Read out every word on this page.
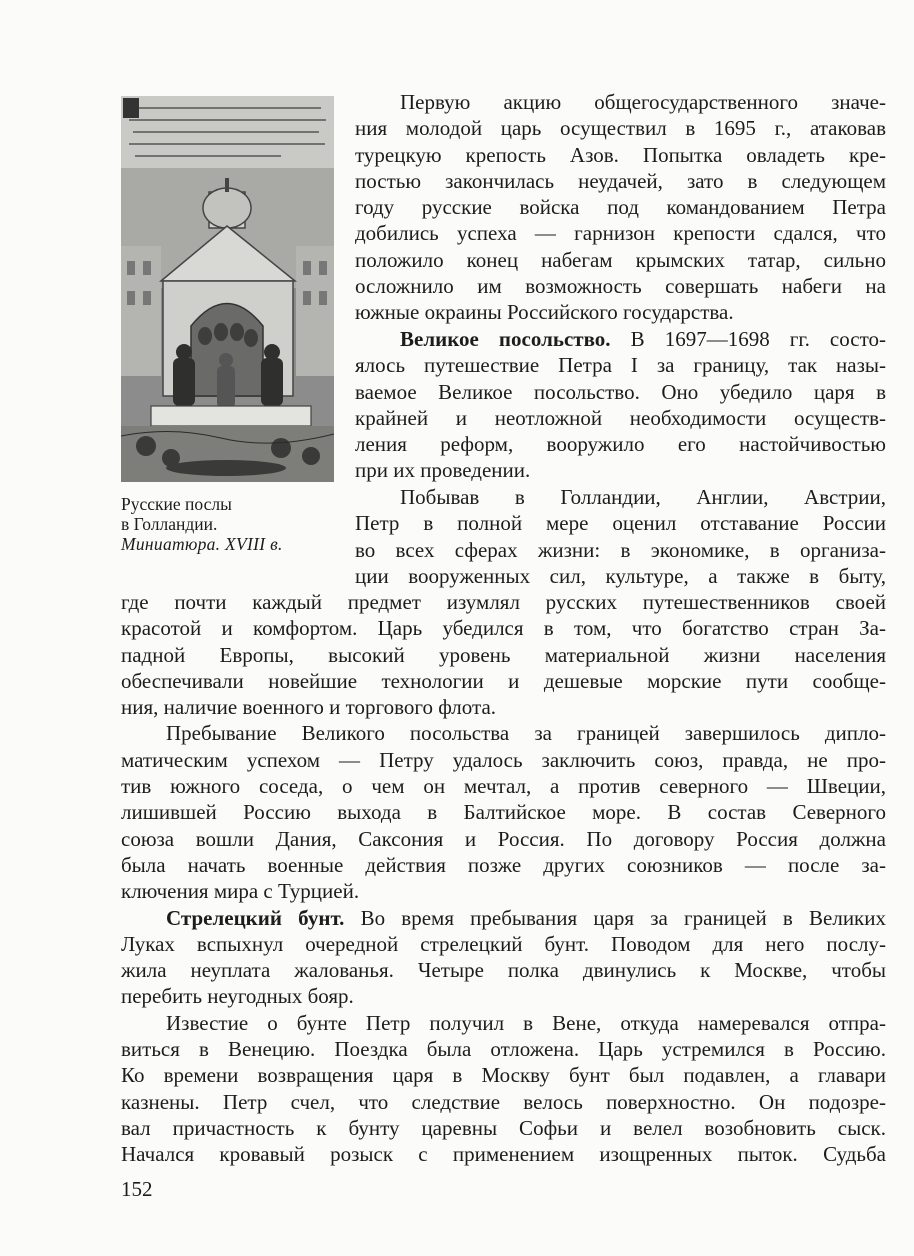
Русские послы
в Голландии.
Миниатюра. XVIII в.
Первую акцию общегосударственного значе-
ния молодой царь осуществил в 1695 г., атаковав
турецкую крепость Азов. Попытка овладеть кре-
постью закончилась неудачей, зато в следующем
году русские войска под командованием Петра
добились успеха — гарнизон крепости сдался, что
положило конец набегам крымских татар, сильно
осложнило им возможность совершать набеги на
южные окраины Российского государства.
Великое посольство. В 1697—1698 гг. состо-
ялось путешествие Петра I за границу, так назы-
ваемое Великое посольство. Оно убедило царя в
крайней и неотложной необходимости осуществ-
ления реформ, вооружило его настойчивостью
при их проведении.
Побывав в Голландии, Англии, Австрии,
Петр в полной мере оценил отставание России
во всех сферах жизни: в экономике, в организа-
ции вооруженных сил, культуре, а также в быту,
где почти каждый предмет изумлял русских путешественников своей
красотой и комфортом. Царь убедился в том, что богатство стран За-
падной Европы, высокий уровень материальной жизни населения
обеспечивали новейшие технологии и дешевые морские пути сообще-
ния, наличие военного и торгового флота.
Пребывание Великого посольства за границей завершилось дипло-
матическим успехом — Петру удалось заключить союз, правда, не про-
тив южного соседа, о чем он мечтал, а против северного — Швеции,
лишившей Россию выхода в Балтийское море. В состав Северного
союза вошли Дания, Саксония и Россия. По договору Россия должна
была начать военные действия позже других союзников — после за-
ключения мира с Турцией.
Стрелецкий бунт. Во время пребывания царя за границей в Великих
Луках вспыхнул очередной стрелецкий бунт. Поводом для него послу-
жила неуплата жалованья. Четыре полка двинулись к Москве, чтобы
перебить неугодных бояр.
Известие о бунте Петр получил в Вене, откуда намеревался отпра-
виться в Венецию. Поездка была отложена. Царь устремился в Россию.
Ко времени возвращения царя в Москву бунт был подавлен, а главари
казнены. Петр счел, что следствие велось поверхностно. Он подозре-
вал причастность к бунту царевны Софьи и велел возобновить сыск.
Начался кровавый розыск с применением изощренных пыток. Судьба
152
